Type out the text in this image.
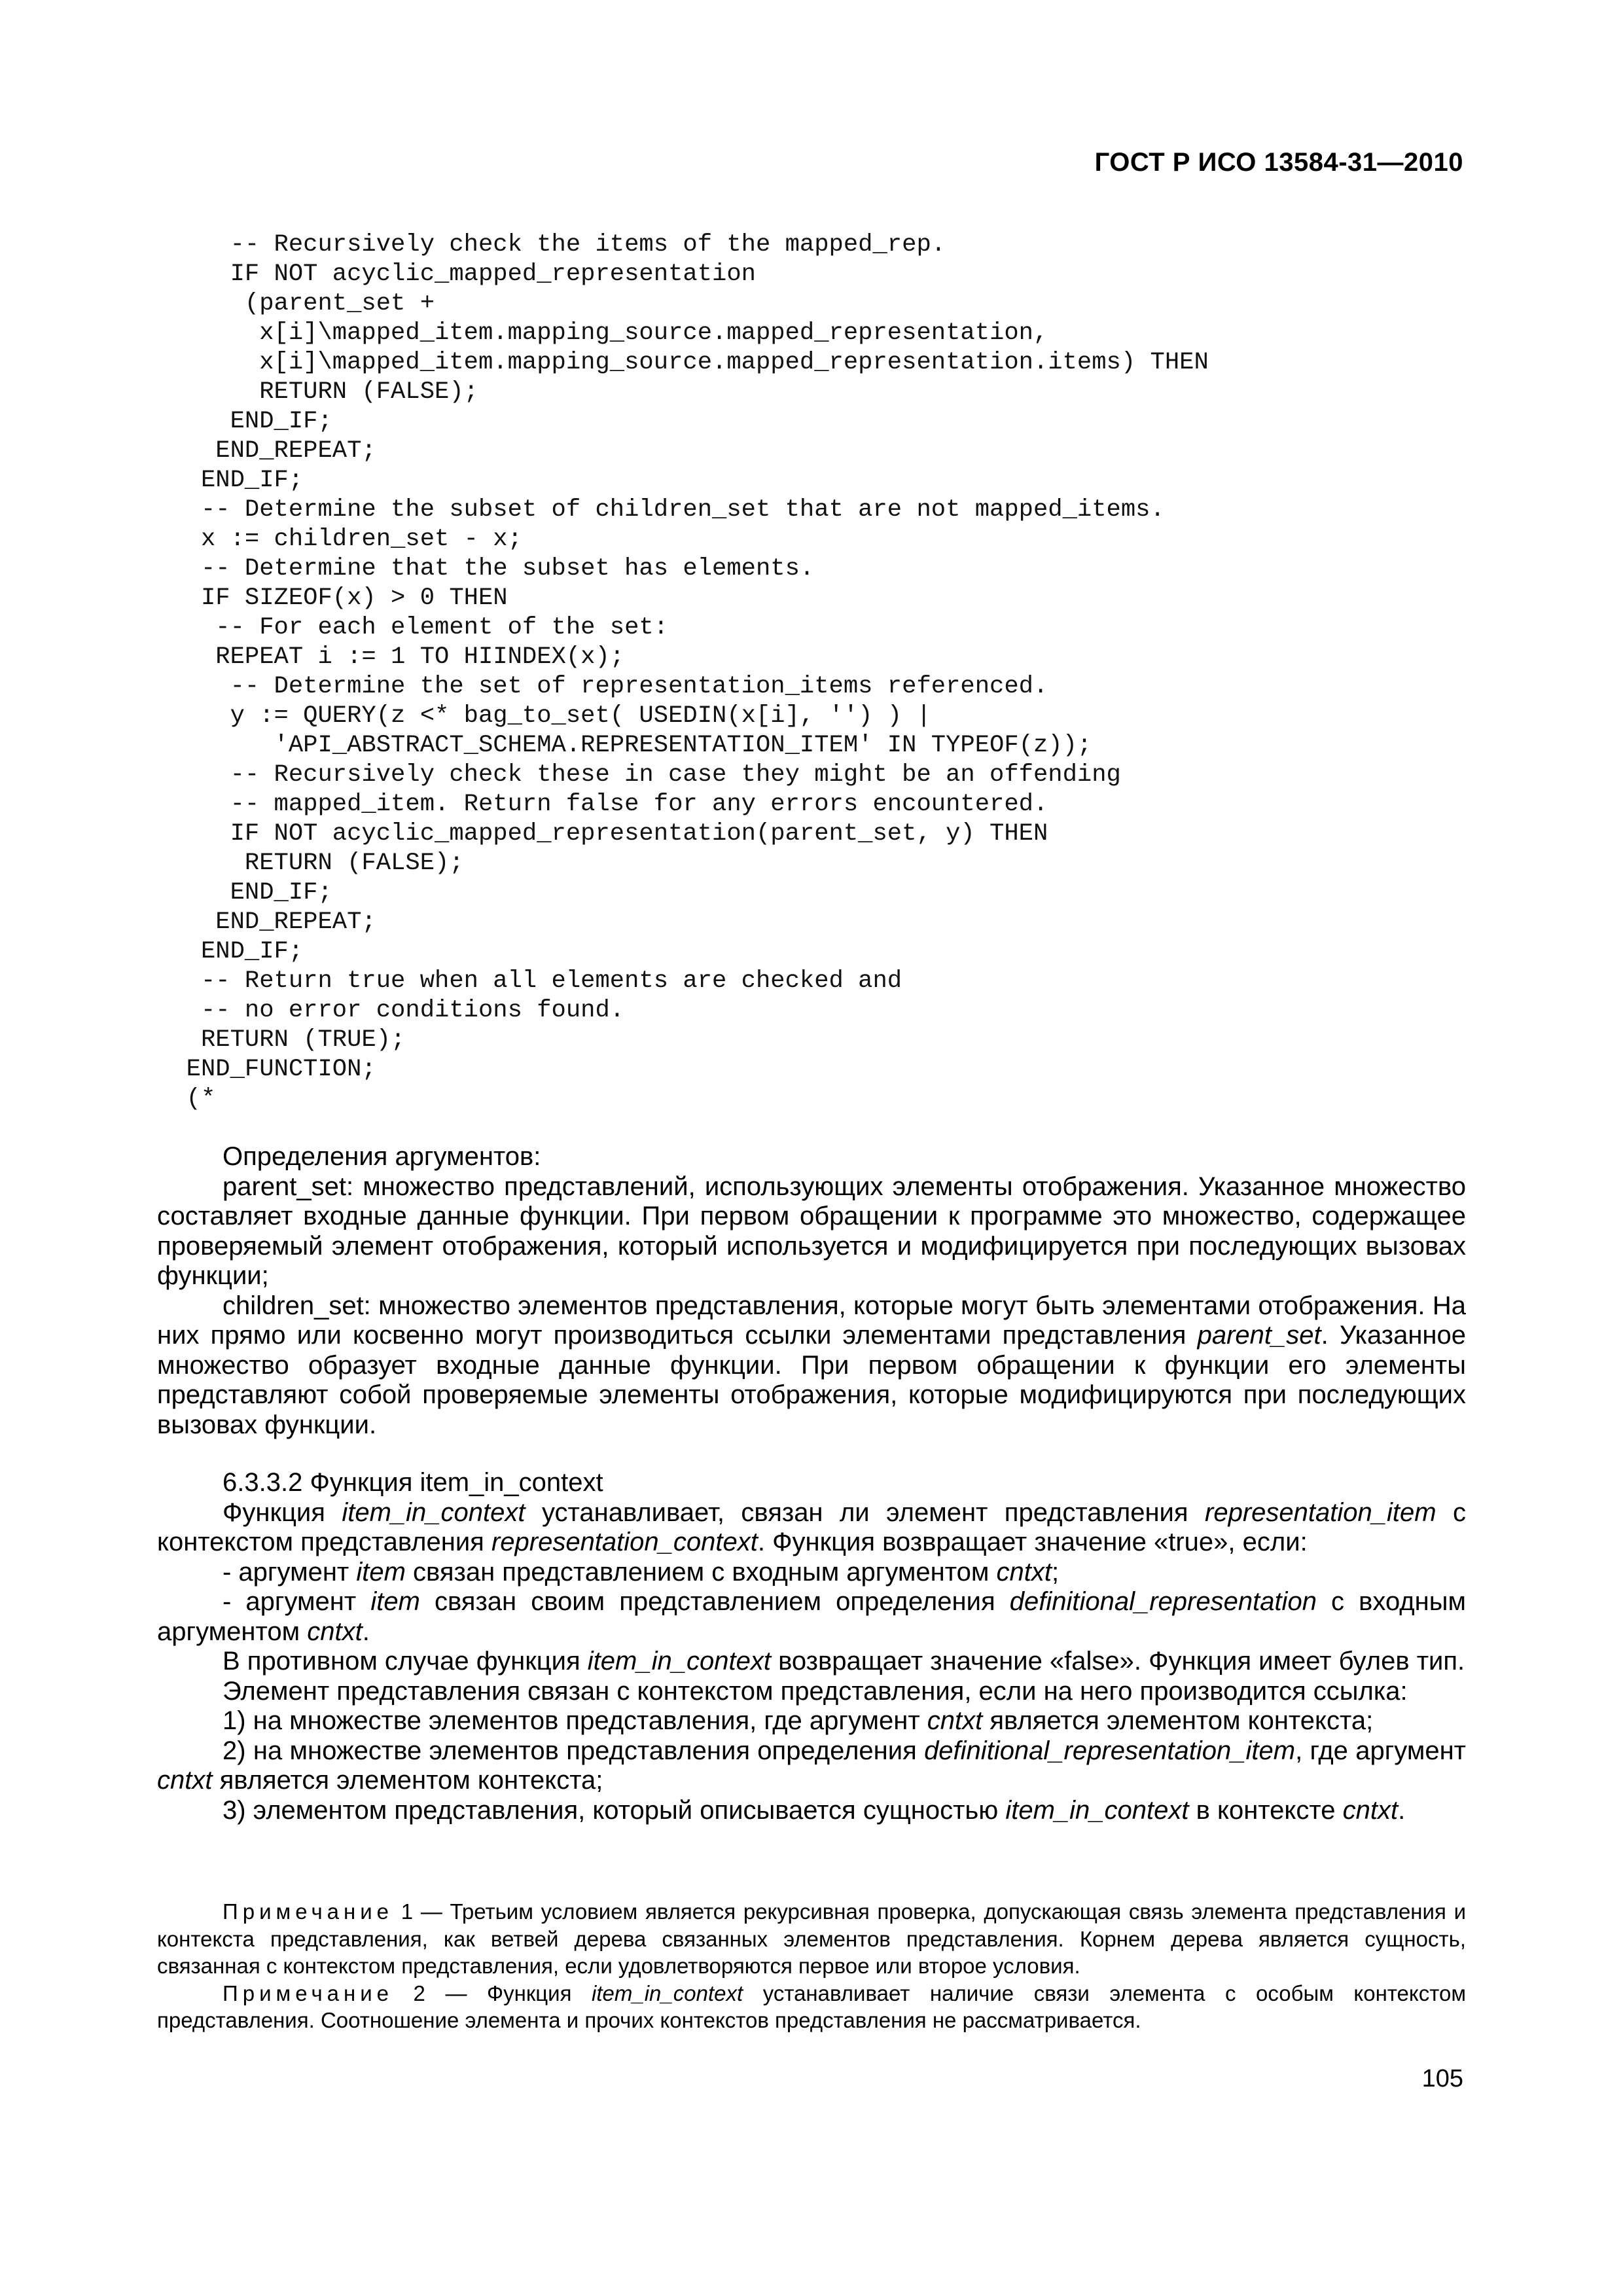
ГОСТ Р ИСО 13584-31—2010
-- Recursively check the items of the mapped_rep.
IF NOT acyclic_mapped_representation
(parent_set +
x[i]\mapped_item.mapping_source.mapped_representation,
x[i]\mapped_item.mapping_source.mapped_representation.items) THEN
RETURN (FALSE);
END_IF;
END_REPEAT;
END_IF;
-- Determine the subset of children_set that are not mapped_items.
x := children_set - x;
-- Determine that the subset has elements.
IF SIZEOF(x) > 0 THEN
-- For each element of the set:
REPEAT i := 1 TO HIINDEX(x);
-- Determine the set of representation_items referenced.
y := QUERY(z <* bag_to_set( USEDIN(x[i], '') ) |
'API_ABSTRACT_SCHEMA.REPRESENTATION_ITEM' IN TYPEOF(z));
-- Recursively check these in case they might be an offending
-- mapped_item. Return false for any errors encountered.
IF NOT acyclic_mapped_representation(parent_set, y) THEN
RETURN (FALSE);
END_IF;
END_REPEAT;
END_IF;
-- Return true when all elements are checked and
-- no error conditions found.
RETURN (TRUE);
END_FUNCTION;
(*

Определения аргументов:

parent_set: множество представлений, использующих элементы отображения. Указанное множество составляет входные данные функции. При первом обращении к программе это множество, содержащее проверяемый элемент отображения, который используется и модифицируется при последующих вызовах функции;

children_set: множество элементов представления, которые могут быть элементами отображения. На них прямо или косвенно могут производиться ссылки элементами представления parent_set. Указанное множество образует входные данные функции. При первом обращении к функции его элементы представляют собой проверяемые элементы отображения, которые модифицируются при последующих вызовах функции.

6.3.3.2 Функция item_in_context

Функция item_in_context устанавливает, связан ли элемент представления representation_item с контекстом представления representation_context. Функция возвращает значение «true», если:

- аргумент item связан представлением с входным аргументом cntxt;

- аргумент item связан своим представлением определения definitional_representation с входным аргументом cntxt.

В противном случае функция item_in_context возвращает значение «false». Функция имеет булев тип.

Элемент представления связан с контекстом представления, если на него производится ссылка:

1) на множестве элементов представления, где аргумент cntxt является элементом контекста;

2) на множестве элементов представления определения definitional_representation_item, где аргумент cntxt является элементом контекста;

3) элементом представления, который описывается сущностью item_in_context в контексте cntxt.

Примечание 1 — Третьим условием является рекурсивная проверка, допускающая связь элемента представления и контекста представления, как ветвей дерева связанных элементов представления. Корнем дерева является сущность, связанная с контекстом представления, если удовлетворяются первое или второе условия.

Примечание 2 — Функция item_in_context устанавливает наличие связи элемента с особым контекстом представления. Соотношение элемента и прочих контекстов представления не рассматривается.

105
